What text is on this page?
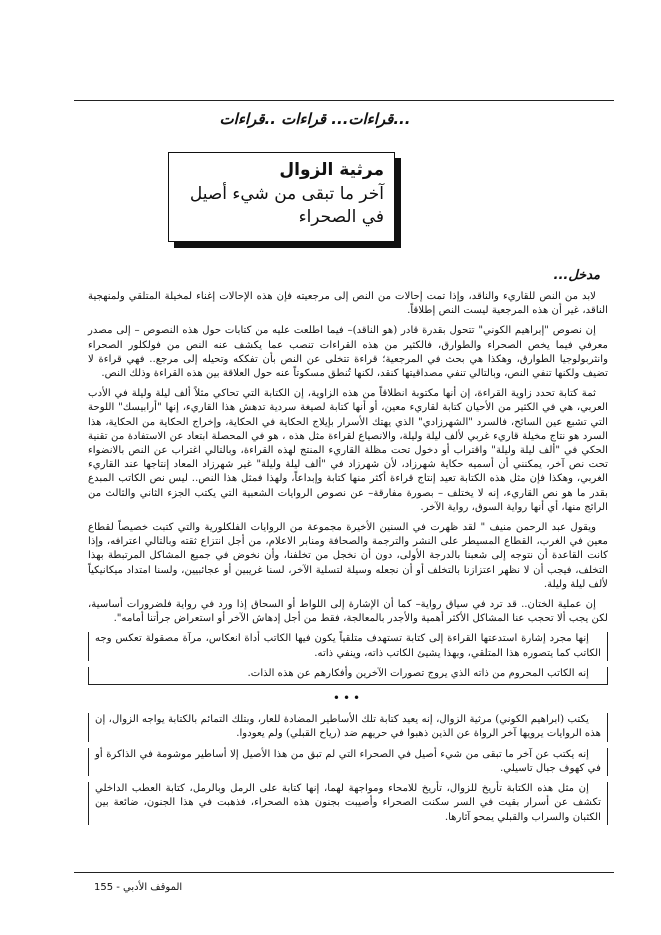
...قراءات... قراءات ..قراءات
مرثية الزوال
آخر ما تبقى من شيء أصيل في الصحراء
مدخل...

لابد من النص للقاريء والناقد، وإذا تمت إحالات من النص إلى مرجعيته فإن هذه الإحالات إغناء لمخيلة المتلقي ولمنهجية الناقد، غير أن هذه المرجعية ليست النص إطلاقاً.

إن نصوص "إبراهيم الكوني" تتحول بقدرة قادر (هو الناقد)– فيما اطلعت عليه من كتابات حول هذه النصوص – إلى مصدر معرفي فيما يخص الصحراء والطوارق، فالكثير من هذه القراءات تنصب عما يكشف عنه النص من فولكلور الصحراء وانثربولوجيا الطوارق، وهكذا هي بحث في المرجعية؛ قراءة تتخلى عن النص بأن تفككه وتحيله إلى مرجع.. فهي قراءة لا تضيف ولكنها تنفي النص، وبالتالي تنفي مصداقيتها كنقد، لكنها تُنطق مسكوتاً عنه حول العلاقة بين هذه القراءة وذلك النص.

ثمة كتابة تحدد زاوية القراءة، إن أنها مكتوبة انطلاقاً من هذه الزاوية، إن الكتابة التي تحاكي مثلاً ألف ليلة وليلة في الأدب العربي، هي في الكثير من الأحيان كتابة لقاريء معين، أو أنها كتابة لصيغة سردية تدهش هذا القاريء، إنها "أرابيسك" اللوحة التي تشبع عين السائح، فالسرد "الشهرزادي" الذي يهتك الأسرار بإيلاج الحكاية في الحكاية، وإخراج الحكاية من الحكاية، هذا السرد هو نتاج مخيلة قاريء غربي لألف ليلة وليلة، والانصياع لقراءة مثل هذه ، هو في المحصلة ابتعاد عن الاستفادة من تقنية الحكي في "ألف ليلة وليلة" واقتراب أو دخول تحت مظلة القاريء المنتج لهذه القراءة، وبالتالي اغتراب عن النص بالانضواء تحت نص آخر، يمكنني أن أسميه حكاية شهرزاد، لأن شهرزاد في "ألف ليلة وليلة" غير شهرزاد المعاد إنتاجها عند القاريء الغربي، وهكذا فإن مثل هذه الكتابة تعيد إنتاج قراءة أكثر منها كتابة وإبداعاً، ولهذا فمثل هذا النص.. ليس نص الكاتب المبدع بقدر ما هو نص القاريء، إنه لا يختلف – بصورة مفارقة– عن نصوص الروايات الشعبية التي يكتب الجزء الثاني والثالث من الرائج منها، أي أنها رواية السوق، رواية الآخر.

ويقول عبد الرحمن منيف " لقد ظهرت في السنين الأخيرة مجموعة من الروايات الفلكلورية والتي كتبت خصيصاً لقطاع معين في الغرب، القطاع المسيطر على النشر والترجمة والصحافة ومنابر الاعلام، من أجل انتزاع ثقته وبالتالي اعترافه، وإذا كانت القاعدة أن نتوجه إلى شعبنا بالدرجة الأولى، دون أن نخجل من تخلفنا، وأن نخوض في جميع المشاكل المرتبطة بهذا التخلف، فيجب أن لا نظهر اعتزازنا بالتخلف أو أن نجعله وسيلة لتسلية الآخر، لسنا غريبين أو عجائبيين، ولسنا امتداد ميكانيكياً لألف ليلة وليلة.

إن عملية الختان.. قد ترد في سياق رواية– كما أن الإشارة إلى اللواط أو السحاق إذا ورد في رواية فلضرورات أساسية، لكن يجب ألا تحجب عنا المشاكل الأكثر أهمية والأجدر بالمعالجة، فقط من أجل إدهاش الآخر أو استعراض جرأتنا أمامه".

إنها مجرد إشارة استدعتها القراءة إلى كتابة تستهدف متلقياً يكون فيها الكاتب أداة انعكاس، مرآة مصقولة تعكس وجه الكاتب كما يتصوره هذا المتلقي، وبهذا يشيئ الكاتب ذاته، وينفي ذاته.

إنه الكاتب المحروم من ذاته الذي يروج تصورات الآخرين وأفكارهم عن هذه الذات.

•••

يكتب (ابراهيم الكوني) مرثية الزوال، إنه يعيد كتابة تلك الأساطير المضادة للعار، وبتلك التمائم بالكتابة يواجه الزوال، إن هذه الروايات يرويها آخر الرواة عن الذين ذهبوا في حريهم ضد (رياح القبلي) ولم يعودوا.

إنه يكتب عن آخر ما تبقى من شيء أصيل في الصحراء التي لم تبق من هذا الأصيل إلا أساطير موشومة في الذاكرة أو في كهوف جبال تاسيلي.

إن مثل هذه الكتابة تأريخ للزوال، تأريخ للامحاء ومواجهة لهما، إنها كتابة على الرمل وبالرمل، كتابة العطب الداخلي تكشف عن أسرار بقيت في السر سكنت الصحراء وأصيبت بجنون هذه الصحراء، فذهبت في هذا الجنون، ضائعة بين الكثبان والسراب والقبلي يمحو آثارها.

الموقف الأدبي - 155
